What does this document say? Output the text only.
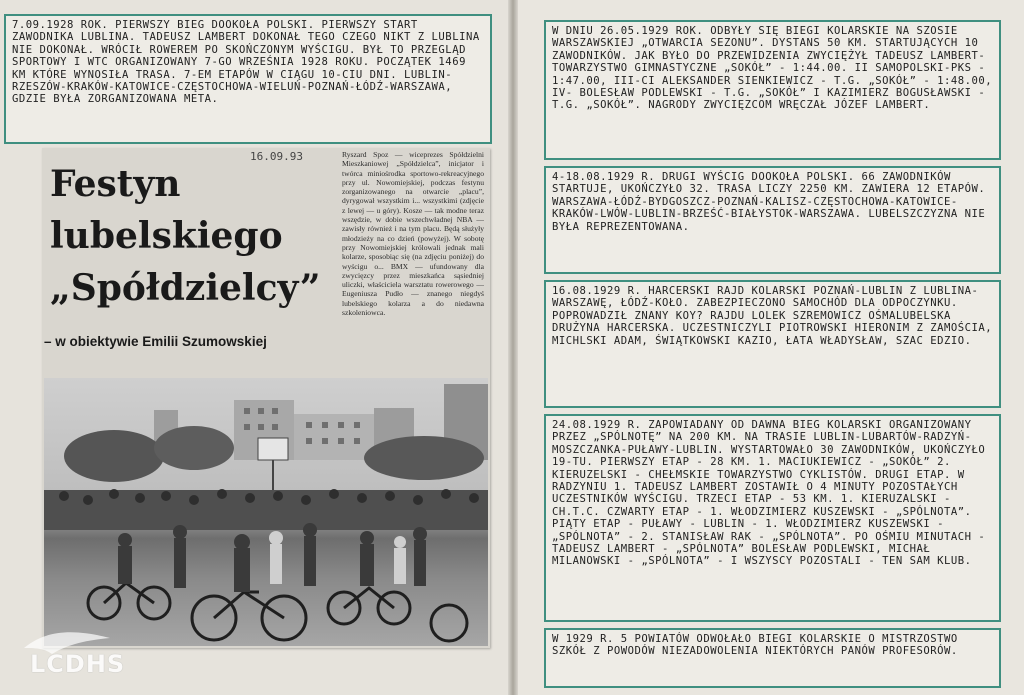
7.09.1928 ROK. PIERWSZY BIEG DOOKOŁA POLSKI. PIERWSZY START ZAWODNIKA LUBLINA. TADEUSZ LAMBERT DOKONAŁ TEGO CZEGO NIKT Z LUBLINA NIE DOKONAŁ. WRÓCIŁ ROWEREM PO SKOŃCZONYM WYŚCIGU. BYŁ TO PRZEGLĄD SPORTOWY I WTC ORGANIZOWANY 7-GO WRZEŚNIA 1928 ROKU. POCZĄTEK 1469 KM KTÓRE WYNOSIŁA TRASA. 7-EM ETAPÓW W CIĄGU 10-CIU DNI. LUBLIN-RZESZÓW-KRAKÓW-KATOWICE-CZĘSTOCHOWA-WIELUŃ-POZNAŃ-ŁÓDŹ-WARSZAWA, GDZIE BYŁA ZORGANIZOWANA META.

16.09.93
Festyn lubelskiego „Spółdzielcy”
– w obiektywie Emilii Szumowskiej
Ryszard Spoz — wiceprezes Spółdzielni Mieszkaniowej „Spółdzielca”, inicjator i twórca miniośrodka sportowo-rekreacyjnego przy ul. Nowomiejskiej, podczas festynu zorganizowanego na otwarcie „placu”, dyrygował wszystkim i... wszystkimi (zdjęcie z lewej — u góry). Kosze — tak modne teraz wszędzie, w dobie wszechwładnej NBA — zawisły również i na tym placu. Będą służyły młodzieży na co dzień (powyżej). W sobotę przy Nowomiejskiej królowali jednak mali kolarze, sposobiąc się (na zdjęciu poniżej) do wyścigu o... BMX — ufundowany dla zwycięzcy przez mieszkańca sąsiedniej uliczki, właściciela warsztatu rowerowego — Eugeniusza Pudło — znanego niegdyś lubelskiego kolarza a do niedawna szkoleniowca.
LCDHS

W DNIU 26.05.1929 ROK. ODBYŁY SIĘ BIEGI KOLARSKIE NA SZOSIE WARSZAWSKIEJ „OTWARCIA SEZONU”. DYSTANS 50 KM. STARTUJĄCYCH 10 ZAWODNIKÓW. JAK BYŁO DO PRZEWIDZENIA ZWYCIĘŻYŁ TADEUSZ LAMBERT-TOWARZYSTWO GIMNASTYCZNE „SOKÓŁ” - 1:44.00. II SAMOPOLSKI-PKS - 1:47.00, III-CI ALEKSANDER SIENKIEWICZ - T.G. „SOKÓŁ” - 1:48.00, IV- BOLESŁAW PODLEWSKI - T.G. „SOKÓŁ” I KAZIMIERZ BOGUSŁAWSKI - T.G. „SOKÓŁ”. NAGRODY ZWYCIĘZCOM WRĘCZAŁ JÓZEF LAMBERT.

4-18.08.1929 R. DRUGI WYŚCIG DOOKOŁA POLSKI. 66 ZAWODNIKÓW STARTUJE, UKOŃCZYŁO 32. TRASA LICZY 2250 KM. ZAWIERA 12 ETAPÓW. WARSZAWA-ŁÓDŹ-BYDGOSZCZ-POZNAŃ-KALISZ-CZĘSTOCHOWA-KATOWICE-KRAKÓW-LWÓW-LUBLIN-BRZEŚĆ-BIAŁYSTOK-WARSZAWA. LUBELSZCZYZNA NIE BYŁA REPREZENTOWANA.

16.08.1929 R. HARCERSKI RAJD KOLARSKI POZNAŃ-LUBLIN Z LUBLINA-WARSZAWĘ, ŁÓDŹ-KOŁO. ZABEZPIECZONO SAMOCHÓD DLA ODPOCZYNKU. POPROWADZIŁ ZNANY KOY? RAJDU LOLEK SZREMOWICZ OŚMALUBELSKA DRUŻYNA HARCERSKA. UCZESTNICZYLI PIOTROWSKI HIERONIM Z ZAMOŚCIA, MICHLSKI ADAM, ŚWIĄTKOWSKI KAZIO, ŁATA WŁADYSŁAW, SZAC EDZIO.

24.08.1929 R. ZAPOWIADANY OD DAWNA BIEG KOLARSKI ORGANIZOWANY PRZEZ „SPÓLNOTĘ” NA 200 KM. NA TRASIE LUBLIN-LUBARTÓW-RADZYŃ-MOSZCZANKA-PUŁAWY-LUBLIN. WYSTARTOWAŁO 30 ZAWODNIKÓW, UKOŃCZYŁO 19-TU. PIERWSZY ETAP - 28 KM. 1. MACIUKIEWICZ - „SOKÓŁ” 2. KIERUZELSKI - CHEŁMSKIE TOWARZYSTWO CYKLISTÓW. DRUGI ETAP. W RADZYNIU 1. TADEUSZ LAMBERT ZOSTAWIŁ O 4 MINUTY POZOSTAŁYCH UCZESTNIKÓW WYŚCIGU. TRZECI ETAP - 53 KM. 1. KIERUZALSKI - CH.T.C. CZWARTY ETAP - 1. WŁODZIMIERZ KUSZEWSKI - „SPÓLNOTA”. PIĄTY ETAP - PUŁAWY - LUBLIN - 1. WŁODZIMIERZ KUSZEWSKI - „SPÓLNOTA” - 2. STANISŁAW RAK - „SPÓLNOTA”. PO OŚMIU MINUTACH - TADEUSZ LAMBERT - „SPÓLNOTA” BOLESŁAW PODLEWSKI, MICHAŁ MILANOWSKI - „SPÓLNOTA” - I WSZYSCY POZOSTALI - TEN SAM KLUB.

W 1929 R. 5 POWIATÓW ODWOŁAŁO BIEGI KOLARSKIE O MISTRZOSTWO SZKÓŁ Z POWODÓW NIEZADOWOLENIA NIEKTÓRYCH PANÓW PROFESORÓW.
